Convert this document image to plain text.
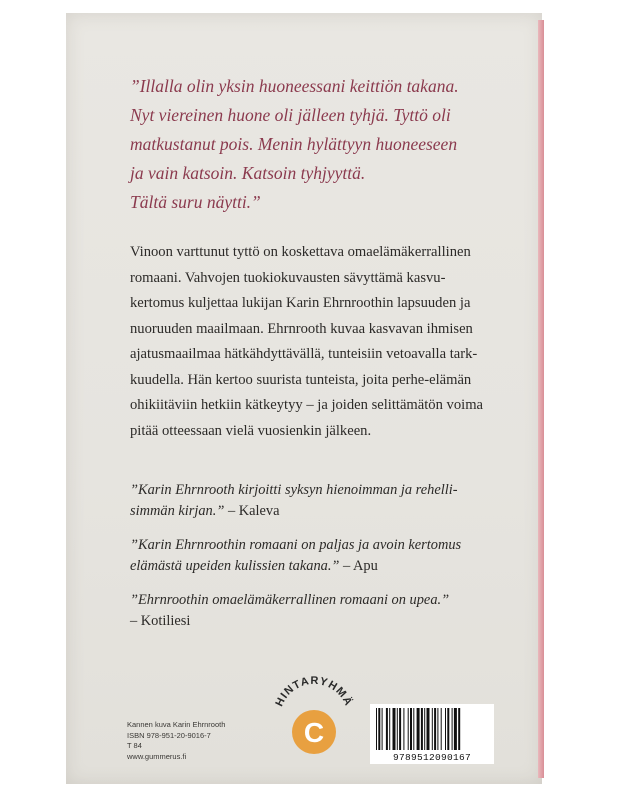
”Illalla olin yksin huoneessani keittiön takana.
Nyt viereinen huone oli jälleen tyhjä. Tyttö oli
matkustanut pois. Menin hylättyyn huoneeseen
ja vain katsoin. Katsoin tyhjyyttä.
Tältä suru näytti.”

Vinoon varttunut tyttö on koskettava omaelämäkerrallinen
romaani. Vahvojen tuokiokuvausten sävyttämä kasvu-
kertomus kuljettaa lukijan Karin Ehrnroothin lapsuuden ja
nuoruuden maailmaan. Ehrnrooth kuvaa kasvavan ihmisen
ajatusmaailmaa hätkähdyttävällä, tunteisiin vetoavalla tark-
kuudella. Hän kertoo suurista tunteista, joita perhe-elämän
ohikiitäviin hetkiin kätkeytyy – ja joiden selittämätön voima
pitää otteessaan vielä vuosienkin jälkeen.

”Karin Ehrnrooth kirjoitti syksyn hienoimman ja rehelli-
simmän kirjan.” – Kaleva

”Karin Ehrnroothin romaani on paljas ja avoin kertomus
elämästä upeiden kulissien takana.” – Apu

”Ehrnroothin omaelämäkerrallinen romaani on upea.”
– Kotiliesi

Kannen kuva Karin Ehrnrooth
ISBN 978-951-20-9016-7
T 84
www.gummerus.fi
HINTARYHMÄ
C
9789512090167
